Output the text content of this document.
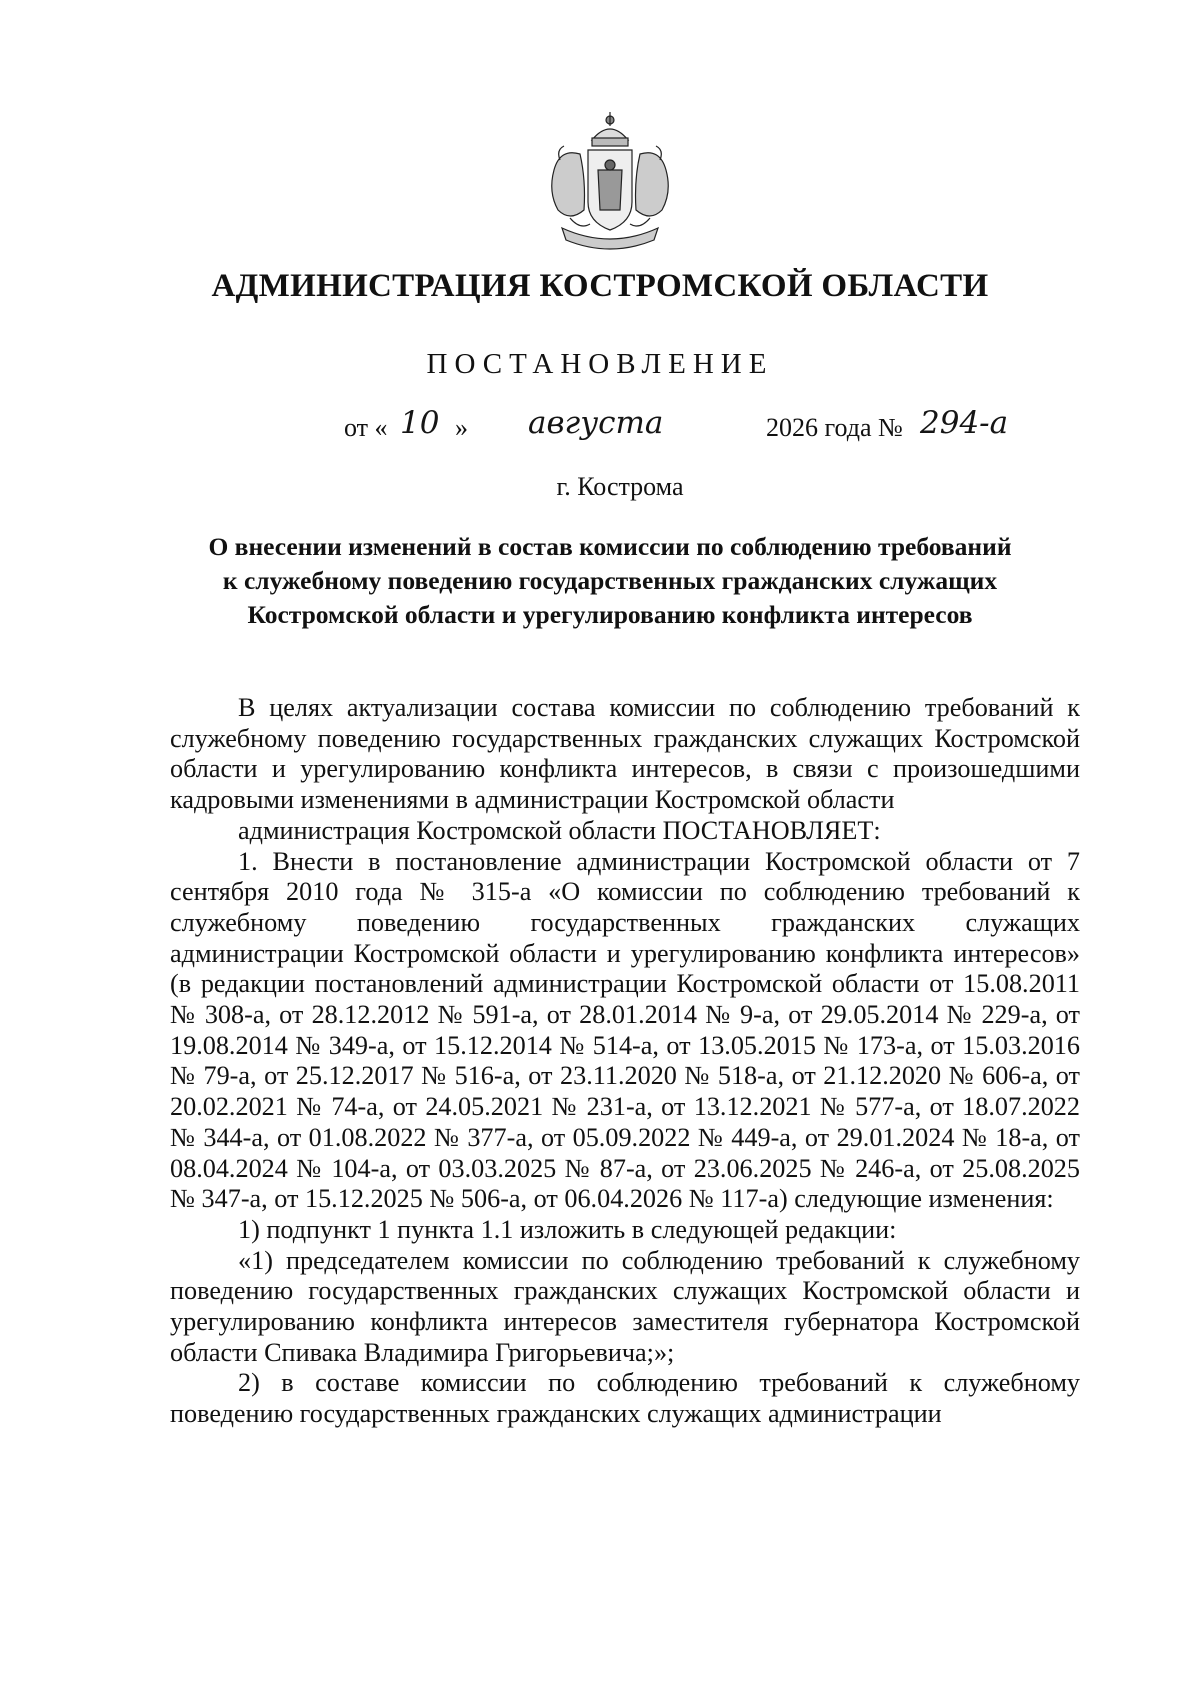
АДМИНИСТРАЦИЯ КОСТРОМСКОЙ ОБЛАСТИ
ПОСТАНОВЛЕНИЕ
от « 10 » августа	2026 года № 294-а
г. Кострома
О внесении изменений в состав комиссии по соблюдению требований
к служебному поведению государственных гражданских служащих
Костромской области и урегулированию конфликта интересов

В целях актуализации состава комиссии по соблюдению требований к служебному поведению государственных гражданских служащих Костромской области и урегулированию конфликта интересов, в связи с произошедшими кадровыми изменениями в администрации Костромской области

администрация Костромской области ПОСТАНОВЛЯЕТ:

1. Внести в постановление администрации Костромской области от 7 сентября 2010 года № 315-а «О комиссии по соблюдению требований к служебному поведению государственных гражданских служащих администрации Костромской области и урегулированию конфликта интересов» (в редакции постановлений администрации Костромской области от 15.08.2011 № 308-а, от 28.12.2012 № 591-а, от 28.01.2014 № 9-а, от 29.05.2014 № 229-а, от 19.08.2014 № 349-а, от 15.12.2014 № 514-а, от 13.05.2015 № 173-а, от 15.03.2016 № 79-а, от 25.12.2017 № 516-а, от 23.11.2020 № 518-а, от 21.12.2020 № 606-а, от 20.02.2021 № 74-а, от 24.05.2021 № 231-а, от 13.12.2021 № 577-а, от 18.07.2022 № 344-а, от 01.08.2022 № 377-а, от 05.09.2022 № 449-а, от 29.01.2024 № 18-а, от 08.04.2024 № 104-а, от 03.03.2025 № 87-а, от 23.06.2025 № 246-а, от 25.08.2025 № 347-а, от 15.12.2025 № 506-а, от 06.04.2026 № 117-а) следующие изменения:

1) подпункт 1 пункта 1.1 изложить в следующей редакции:

«1) председателем комиссии по соблюдению требований к служебному поведению государственных гражданских служащих Костромской области и урегулированию конфликта интересов заместителя губернатора Костромской области Спивака Владимира Григорьевича;»;

2) в составе комиссии по соблюдению требований к служебному поведению государственных гражданских служащих администрации
